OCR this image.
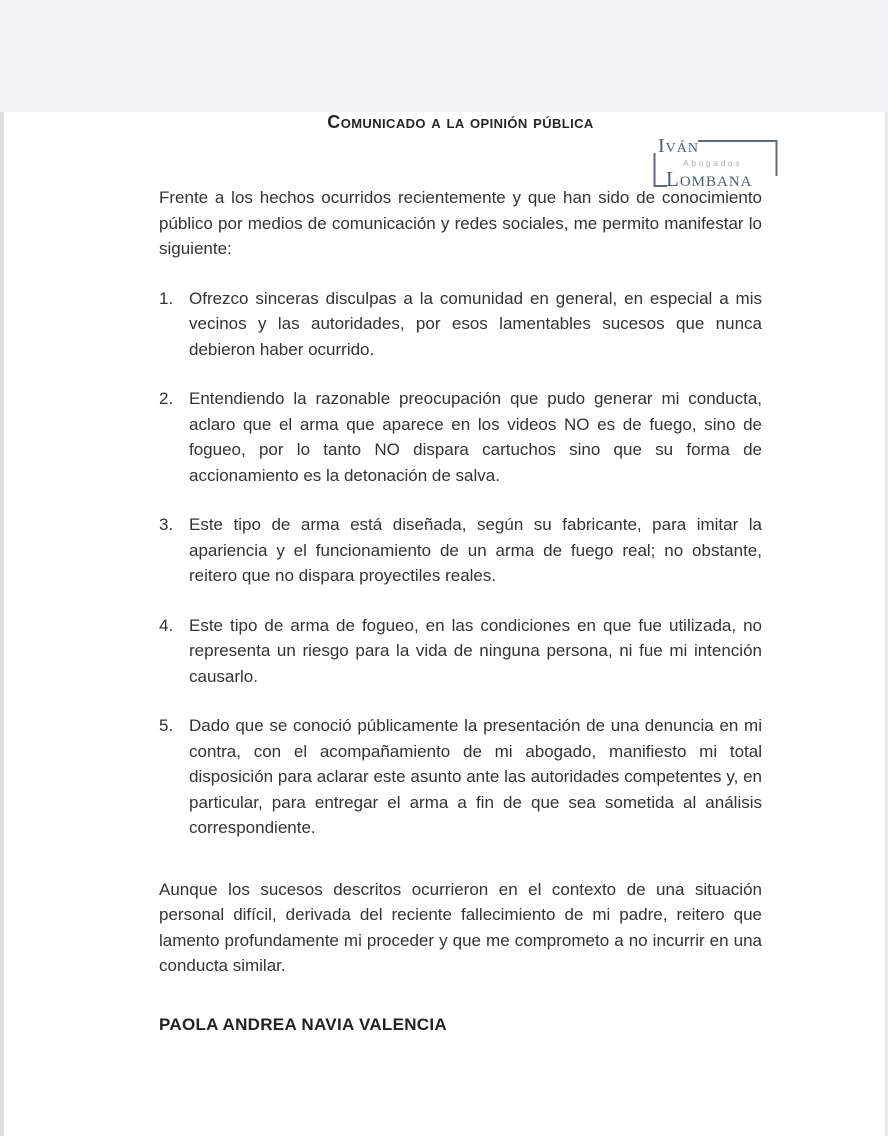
Iván
Abogados
Lombana
Comunicado a la opinión pública

Frente a los hechos ocurridos recientemente y que han sido de conocimiento público por medios de comunicación y redes sociales, me permito manifestar lo siguiente:

1. Ofrezco sinceras disculpas a la comunidad en general, en especial a mis vecinos y las autoridades, por esos lamentables sucesos que nunca debieron haber ocurrido.
2. Entendiendo la razonable preocupación que pudo generar mi conducta, aclaro que el arma que aparece en los videos NO es de fuego, sino de fogueo, por lo tanto NO dispara cartuchos sino que su forma de accionamiento es la detonación de salva.
3. Este tipo de arma está diseñada, según su fabricante, para imitar la apariencia y el funcionamiento de un arma de fuego real; no obstante, reitero que no dispara proyectiles reales.
4. Este tipo de arma de fogueo, en las condiciones en que fue utilizada, no representa un riesgo para la vida de ninguna persona, ni fue mi intención causarlo.
5. Dado que se conoció públicamente la presentación de una denuncia en mi contra, con el acompañamiento de mi abogado, manifiesto mi total disposición para aclarar este asunto ante las autoridades competentes y, en particular, para entregar el arma a fin de que sea sometida al análisis correspondiente.

Aunque los sucesos descritos ocurrieron en el contexto de una situación personal difícil, derivada del reciente fallecimiento de mi padre, reitero que lamento profundamente mi proceder y que me comprometo a no incurrir en una conducta similar.

PAOLA ANDREA NAVIA VALENCIA
